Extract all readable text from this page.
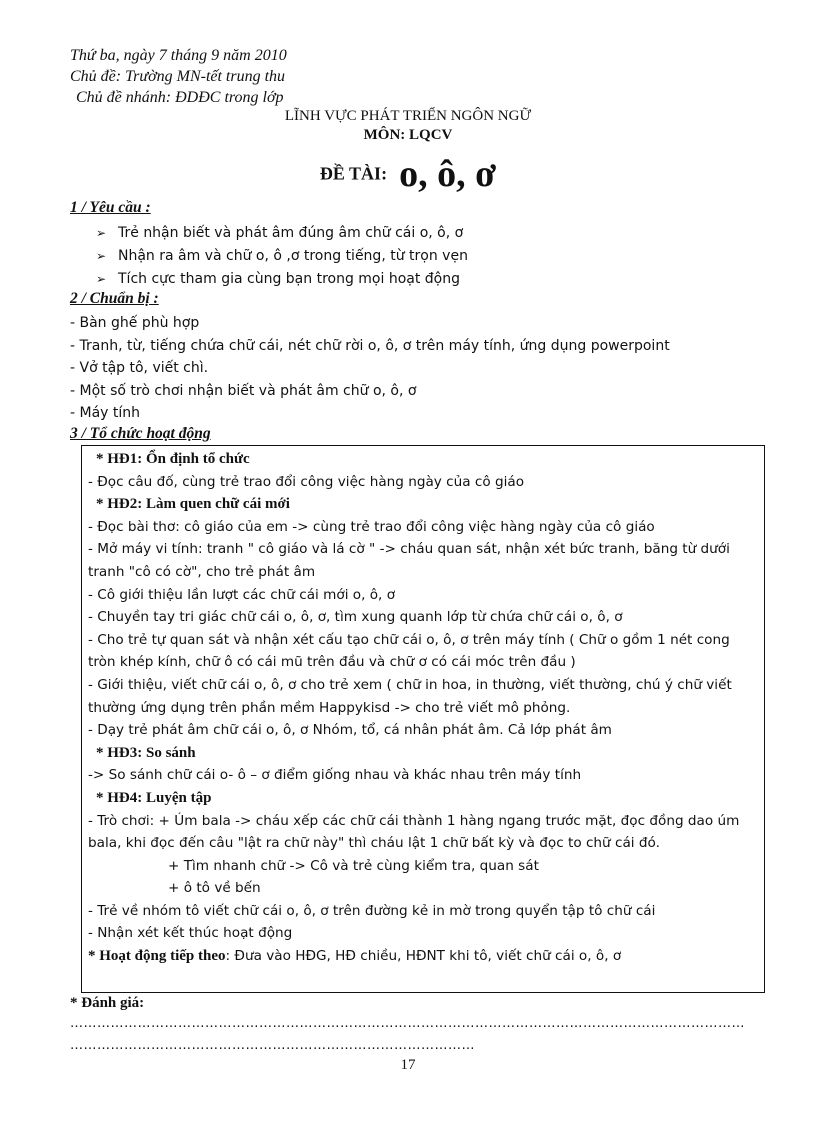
Thứ ba, ngày 7 tháng 9 năm 2010
Chủ đề: Trường MN-tết trung thu
Chủ đề nhánh: ĐDĐC trong lớp
LĨNH VỰC PHÁT TRIỂN NGÔN NGỮ
MÔN: LQCV
ĐỀ TÀI: o, ô, ơ
1 / Yêu cầu :
➢ Trẻ nhận biết và phát âm đúng âm chữ cái o, ô, ơ
➢ Nhận ra âm và chữ o, ô ,ơ trong tiếng, từ trọn vẹn
➢ Tích cực tham gia cùng bạn trong mọi hoạt động
2 / Chuẩn bị :
- Bàn ghế phù hợp
- Tranh, từ, tiếng chứa chữ cái, nét chữ rời o, ô, ơ trên máy tính, ứng dụng powerpoint
- Vở tập tô, viết chì.
- Một số trò chơi nhận biết và phát âm chữ o, ô, ơ
- Máy tính
3 / Tổ chức hoạt động
* HĐ1: Ổn định tổ chức
- Đọc câu đố, cùng trẻ trao đổi công việc hàng ngày của cô giáo
* HĐ2: Làm quen chữ cái mới
- Đọc bài thơ: cô giáo của em -> cùng trẻ trao đổi công việc hàng ngày của cô giáo
- Mở máy vi tính: tranh " cô giáo và lá cờ " -> cháu quan sát, nhận xét bức tranh, băng từ dưới tranh "cô có cờ", cho trẻ phát âm
- Cô giới thiệu lần lượt các chữ cái mới o, ô, ơ
- Chuyền tay tri giác chữ cái o, ô, ơ, tìm xung quanh lớp từ chứa chữ cái o, ô, ơ
- Cho trẻ tự quan sát và nhận xét cấu tạo chữ cái o, ô, ơ trên máy tính ( Chữ o gồm 1 nét cong tròn khép kính, chữ ô có cái mũ trên đầu và chữ ơ có cái móc trên đầu )
- Giới thiệu, viết chữ cái o, ô, ơ cho trẻ xem ( chữ in hoa, in thường, viết thường, chú ý chữ viết thường ứng dụng trên phần mềm Happykisd -> cho trẻ viết mô phỏng.
- Dạy trẻ phát âm chữ cái o, ô, ơ Nhóm, tổ, cá nhân phát âm. Cả lớp phát âm
* HĐ3: So sánh
-> So sánh chữ cái o- ô – ơ điểm giống nhau và khác nhau trên máy tính
* HĐ4: Luyện tập
- Trò chơi: + Úm bala -> cháu xếp các chữ cái thành 1 hàng ngang trước mặt, đọc đồng dao úm bala, khi đọc đến câu "lật ra chữ này" thì cháu lật 1 chữ bất kỳ và đọc to chữ cái đó.
+ Tìm nhanh chữ -> Cô và trẻ cùng kiểm tra, quan sát
+ ô tô về bến
- Trẻ về nhóm tô viết chữ cái o, ô, ơ trên đường kẻ in mờ trong quyển tập tô chữ cái
- Nhận xét kết thúc hoạt động
* Hoạt động tiếp theo: Đưa vào HĐG, HĐ chiều, HĐNT khi tô, viết chữ cái o, ô, ơ
* Đánh giá:
……………………………………………………………………………………………………………………………………
………………………………………………………………………………
17
